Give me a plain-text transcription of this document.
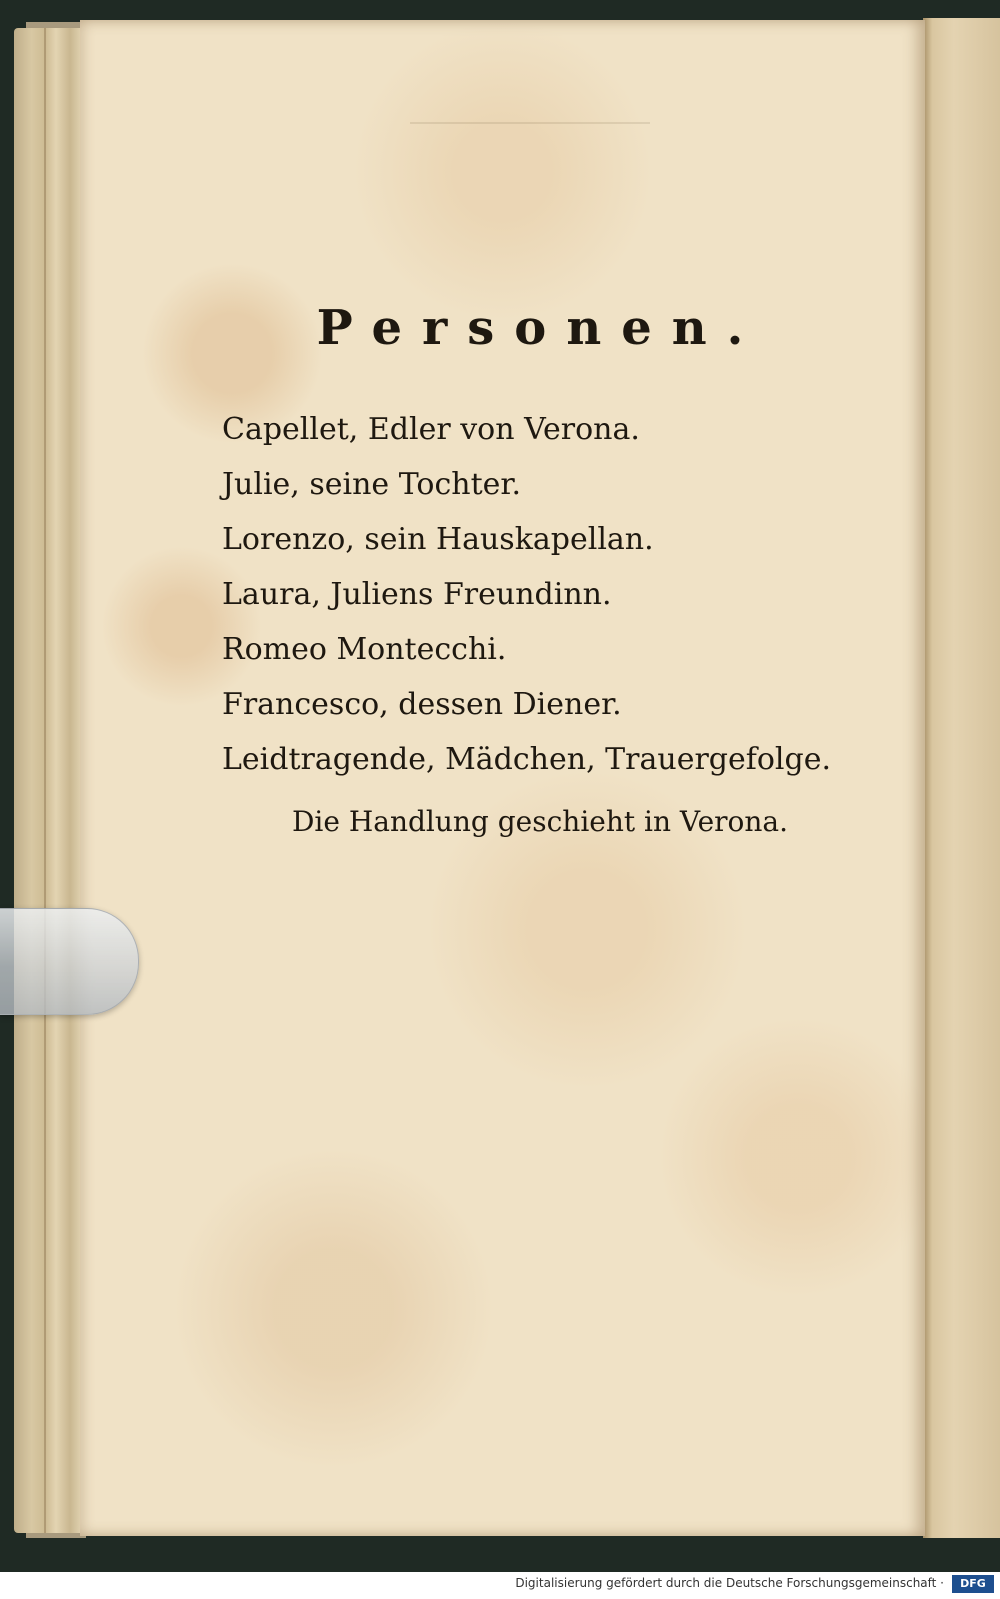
Personen.
Capellet, Edler von Verona.
Julie, seine Tochter.
Lorenzo, sein Hauskapellan.
Laura, Juliens Freundinn.
Romeo Montecchi.
Francesco, dessen Diener.
Leidtragende, Mädchen, Trauergefolge.
Die Handlung geschieht in Verona.
Digitalisierung gefördert durch die Deutsche Forschungsgemeinschaft ·	DFG
